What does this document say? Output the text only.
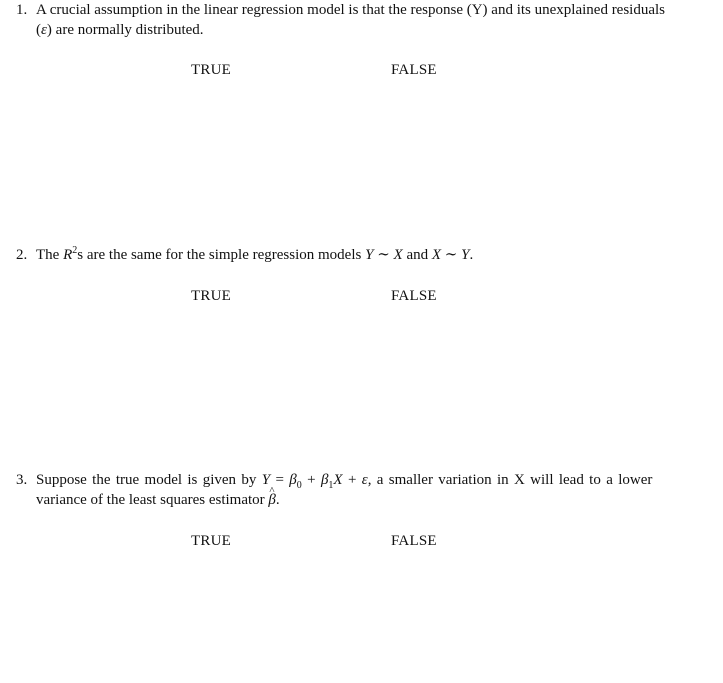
1. A crucial assumption in the linear regression model is that the response (Y) and its unexplained residuals
(ε) are normally distributed.
TRUE	FALSE
2. The $R^2s$ are the same for the simple regression models Y ∼ X and X ∼ Y.
TRUE	FALSE
3. Suppose the true model is given by $Y = \beta_0 + \beta_1X + \varepsilon$, a smaller variation in X will lead to a lower
variance of the least squares estimator ^ β.
TRUE	FALSE
